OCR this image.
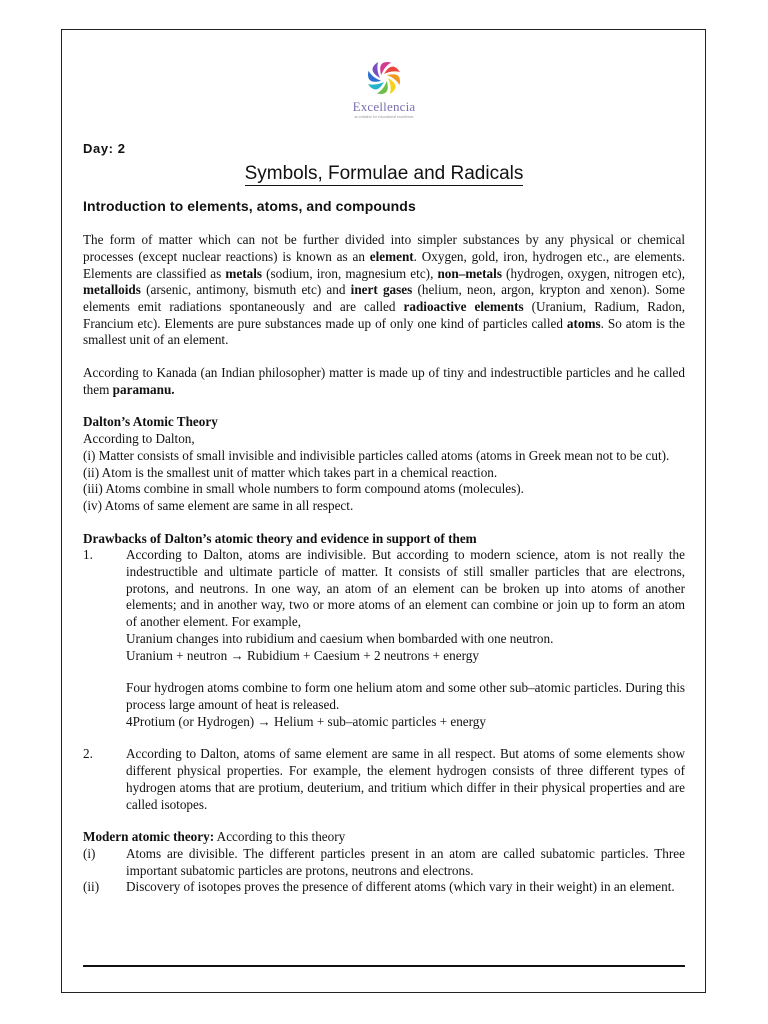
Excellencia
an initiative for educational excellence

Day: 2

Symbols, Formulae and Radicals

Introduction to elements, atoms, and compounds

The form of matter which can not be further divided into simpler substances by any physical or chemical processes (except nuclear reactions) is known as an element. Oxygen, gold, iron, hydrogen etc., are elements. Elements are classified as metals (sodium, iron, magnesium etc), non–metals (hydrogen, oxygen, nitrogen etc), metalloids (arsenic, antimony, bismuth etc) and inert gases (helium, neon, argon, krypton and xenon). Some elements emit radiations spontaneously and are called radioactive elements (Uranium, Radium, Radon, Francium etc). Elements are pure substances made up of only one kind of particles called atoms. So atom is the smallest unit of an element.

According to Kanada (an Indian philosopher) matter is made up of tiny and indestructible particles and he called them paramanu.

Dalton’s Atomic Theory

According to Dalton,

(i) Matter consists of small invisible and indivisible particles called atoms (atoms in Greek mean not to be cut).

(ii) Atom is the smallest unit of matter which takes part in a chemical reaction.

(iii) Atoms combine in small whole numbers to form compound atoms (molecules).

(iv) Atoms of same element are same in all respect.

Drawbacks of Dalton’s atomic theory and evidence in support of them

1.	According to Dalton, atoms are indivisible. But according to modern science, atom is not really the indestructible and ultimate particle of matter. It consists of still smaller particles that are electrons, protons, and neutrons. In one way, an atom of an element can be broken up into atoms of another elements; and in another way, two or more atoms of an element can combine or join up to form an atom of another element. For example,

Uranium changes into rubidium and caesium when bombarded with one neutron.

Uranium + neutron → Rubidium + Caesium + 2 neutrons + energy

Four hydrogen atoms combine to form one helium atom and some other sub–atomic particles. During this process large amount of heat is released.

4Protium (or Hydrogen) → Helium + sub–atomic particles + energy

2.	According to Dalton, atoms of same element are same in all respect. But atoms of some elements show different physical properties. For example, the element hydrogen consists of three different types of hydrogen atoms that are protium, deuterium, and tritium which differ in their physical properties and are called isotopes.

Modern atomic theory: According to this theory

(i)	Atoms are divisible. The different particles present in an atom are called subatomic particles. Three important subatomic particles are protons, neutrons and electrons.
(ii)	Discovery of isotopes proves the presence of different atoms (which vary in their weight) in an element.
